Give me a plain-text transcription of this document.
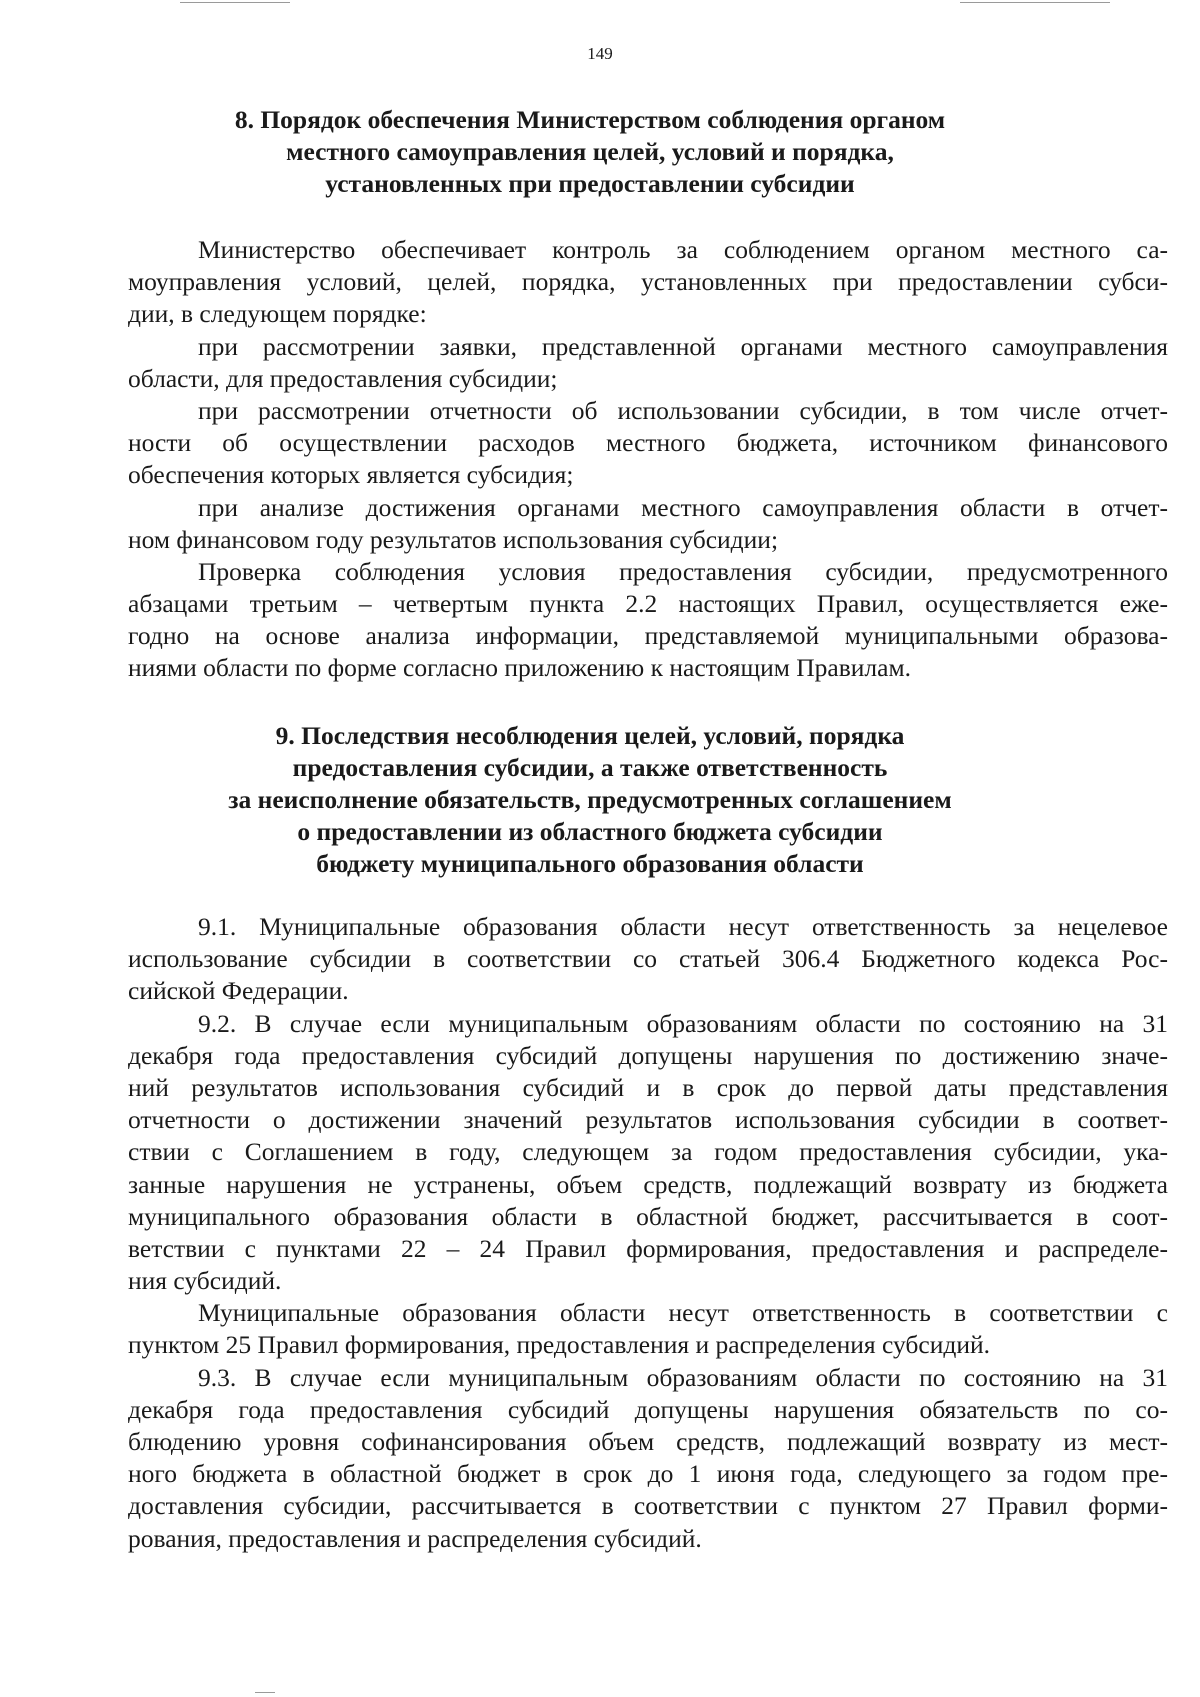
149
8. Порядок обеспечения Министерством соблюдения органом
местного самоуправления целей, условий и порядка,
установленных при предоставлении субсидии

Министерство обеспечивает контроль за соблюдением органом местного са-
моуправления условий, целей, порядка, установленных при предоставлении субси-
дии, в следующем порядке:

при рассмотрении заявки, представленной органами местного самоуправления
области, для предоставления субсидии;

при рассмотрении отчетности об использовании субсидии, в том числе отчет-
ности об осуществлении расходов местного бюджета, источником финансового
обеспечения которых является субсидия;

при анализе достижения органами местного самоуправления области в отчет-
ном финансовом году результатов использования субсидии;

Проверка соблюдения условия предоставления субсидии, предусмотренного
абзацами третьим – четвертым пункта 2.2 настоящих Правил, осуществляется еже-
годно на основе анализа информации, представляемой муниципальными образова-
ниями области по форме согласно приложению к настоящим Правилам.

9. Последствия несоблюдения целей, условий, порядка
предоставления субсидии, а также ответственность
за неисполнение обязательств, предусмотренных соглашением
о предоставлении из областного бюджета субсидии
бюджету муниципального образования области

9.1. Муниципальные образования области несут ответственность за нецелевое
использование субсидии в соответствии со статьей 306.4 Бюджетного кодекса Рос-
сийской Федерации.

9.2. В случае если муниципальным образованиям области по состоянию на 31
декабря года предоставления субсидий допущены нарушения по достижению значе-
ний результатов использования субсидий и в срок до первой даты представления
отчетности о достижении значений результатов использования субсидии в соответ-
ствии с Соглашением в году, следующем за годом предоставления субсидии, ука-
занные нарушения не устранены, объем средств, подлежащий возврату из бюджета
муниципального образования области в областной бюджет, рассчитывается в соот-
ветствии с пунктами 22 – 24 Правил формирования, предоставления и распределе-
ния субсидий.

Муниципальные образования области несут ответственность в соответствии с
пунктом 25 Правил формирования, предоставления и распределения субсидий.

9.3. В случае если муниципальным образованиям области по состоянию на 31
декабря года предоставления субсидий допущены нарушения обязательств по со-
блюдению уровня софинансирования объем средств, подлежащий возврату из мест-
ного бюджета в областной бюджет в срок до 1 июня года, следующего за годом пре-
доставления субсидии, рассчитывается в соответствии с пунктом 27 Правил форми-
рования, предоставления и распределения субсидий.
